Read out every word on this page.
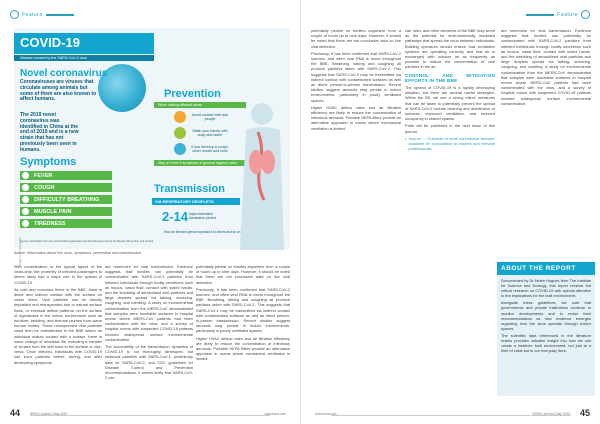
Feature
COVID-19
Disease caused by the SARS-CoV-2 virus
Novel coronavirus
Coronaviruses are viruses that circulate among animals but some of them are also known to affect humans.
The 2019 novel coronavirus was identified in China at the end of 2019 and is a new strain that has not previously been seen in humans.
Prevention
When visiting affected areas
Avoid contact with sick people
Wash your hands with soap and water
If you develop a cough, cover mouth and nose
Stay at home if symptoms of general hygiene rules
Symptoms
FEVER
COUGH
DIFFICULTY BREATHING
MUSCLE PAIN
TIREDNESS
Transmission
VIA RESPIRATORY DROPLETS
2-14 days estimated incubation period
How an infected person spreads it to others and so on
Source: information from the world health organisation and the European Centre for Disease Prevention and Control
Image from infographic
Above: Information about the virus, symptoms, prevention and transmission

With consideration to the typical layout of the cross-ship, the proximity of infected passengers to others likely had a major role in the spread of COVID-19.

As cold and norovirus thrive in the BBE, there is direct and indirect contact with the surface on cruise liners. Viral particles can be directly deposited and resuspended due to natural surface flows, or eventual airflow patterns, on the surface of hyphaloses in the indoor environment such as furniture, bedding, and thermal plumes from warm human bodies. These resuspended viral particles could then be redistributed in the BBE where an individual makes contact with a surface, there is some change of microbial life, including a transfer of viruses from the skin back to the surface or vice-versa. Once infected, individuals with COVID-19 can incur particles before, during, and after developing symptoms.

are reservoirs for viral transmission. Evidence suggests that fomites can potentially be contaminated with SARS-CoV-2 particles from infected individuals through bodily secretions such as mucus, nasal fluid, contact with soiled hands, and the shedding of aerosolised viral particles and large droplets spread via talking, sneezing, coughing, and vomiting. A study on environmental contamination from the MERS-CoV demonstrated that samples were touchable surfaces in hospital rooms where MERS-CoV patients had been contaminated with the virus, and a survey of hospital rooms with suspected COVID-19 patients showed widespread surface environmental contamination.

The survivability of the transmission dynamics of COVID-19 is not thoroughly developed, but historical parallels with SARS-CoV-1, preliminary data on SARS-CoV-2, and CDC guidelines for Disease Control and Prevention recommendations, it seems likely that SARS-CoV-2 can

potentially persist on fomites anywhere from a couple of hours up to nine days. However, it should be noted that there are not conclusive data on live viral detection.

Previously, it has been confirmed that SARS-CoV-2 sources, and often viral RNA is found throughout the BBE. Breathing, talking and coughing all produce particles laden with SARS-CoV-2. This suggests that SARS-CoV-2 may be transmitted via indirect contact with contaminated surfaces as well as direct person-to-person transmission. Recent studies suggest aerosols may persist in indoor environments, particularly in poorly ventilated spaces.

Higher HVAC airflow rates and air filtration efficiency are likely to reduce the concentration of infectious aerosols. Portable HEPA filters provide an alternative approach in rooms where mechanical ventilation is limited.

44	BSRIA Journal | May 2020	www.bsria.com
Feature

potentially persist on fomites anywhere from a couple of hours up to nine days. However, it should be noted that there are not conclusive data on live viral detection.

Previously, it has been confirmed that SARS-CoV-2 sources, and often viral RNA is found throughout the BBE. Breathing, talking and coughing all produce particles laden with SARS-CoV-2. This suggests that SARS-CoV-2 may be transmitted via indirect contact with contaminated surfaces as well as direct person-to-person transmission. Recent studies suggest aerosols may persist in indoor environments, particularly in poorly ventilated spaces.

Higher HVAC airflow rates and air filtration efficiency are likely to reduce the concentration of infectious aerosols. Portable HEPA filters provide an alternative approach in rooms where mechanical ventilation is limited.

can, later, and other elements of the BBE may serve as the potential for environmentally mediated pathways that spread the virus between individuals. Building operators should ensure that ventilation systems are operating correctly and that air is exchanged with outdoor air as frequently as possible to reduce the concentration of viral particles in the air.

CONTROL AND MITIGATION EFFORTS IN THE BBE

The spread of COVID-19 is a rapidly developing situation, but there are several useful strategies. Within the BE, we see a strong effect: measures that can be taken to potentially prevent the spread of SARS-CoV-2 include cleaning and disinfection of surfaces, improved ventilation, and reduced occupancy in shared spaces.

Parts will be published in the next issue of this journal.

• Source: ... Outbreak of novel coronavirus disease. Available for consultation to readers and relevant professionals.

are reservoirs for viral transmission. Evidence suggests that fomites can potentially be contaminated with SARS-CoV-2 particles from infected individuals through bodily secretions such as mucus, nasal fluid, contact with soiled hands, and the shedding of aerosolised viral particles and large droplets spread via talking, sneezing, coughing, and vomiting. A study on environmental contamination from the MERS-CoV demonstrated that samples were touchable surfaces in hospital rooms where MERS-CoV patients had been contaminated with the virus, and a survey of hospital rooms with suspected COVID-19 patients showed widespread surface environmental contamination.

ABOUT THE REPORT

Documented by Dr Helen Hughes from The Institute for Science and Ecology, this report reviews the critical research on COVID-19 with special attention to the implications for the built environment.

Alongside these guidelines, we note that governments and private institutions continue to monitor developments and to revise their recommendations as new evidence emerges regarding how the virus spreads through indoor spaces.

The scientific data referenced in the literature review provides valuable insight into how we can create a healthier built environment, not just at a time of crisis but in our everyday lives.

www.bsria.com	BSRIA Journal | May 2020 45
